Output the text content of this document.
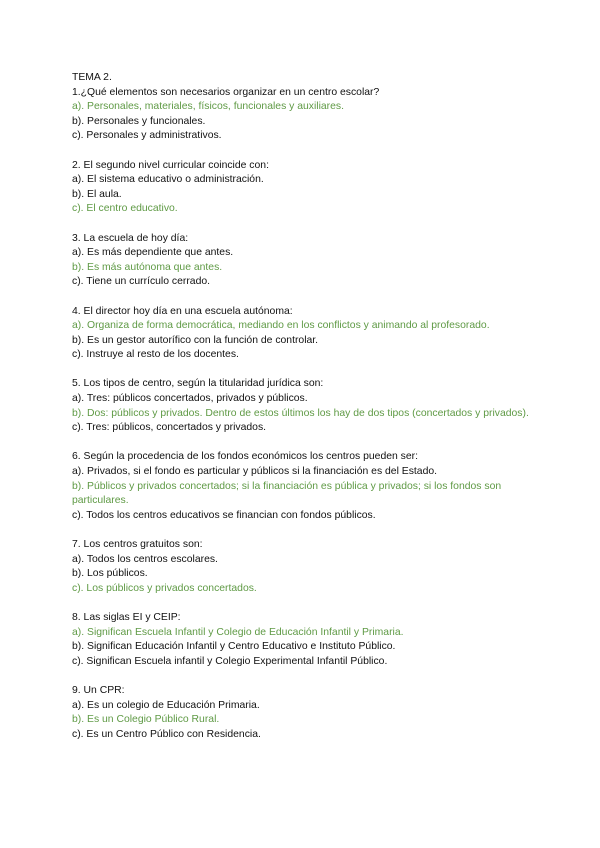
TEMA 2.
1.¿Qué elementos son necesarios organizar en un centro escolar?
a). Personales, materiales, físicos, funcionales y auxiliares.
b). Personales y funcionales.
c). Personales y administrativos.
2. El segundo nivel curricular coincide con:
a). El sistema educativo o administración.
b). El aula.
c). El centro educativo.
3. La escuela de hoy día:
a). Es más dependiente que antes.
b). Es más autónoma que antes.
c). Tiene un currículo cerrado.
4. El director hoy día en una escuela autónoma:
a). Organiza de forma democrática, mediando en los conflictos y animando al profesorado.
b). Es un gestor autorífico con la función de controlar.
c). Instruye al resto de los docentes.
5. Los tipos de centro, según la titularidad jurídica son:
a). Tres: públicos concertados, privados y públicos.
b). Dos: públicos y privados. Dentro de estos últimos los hay de dos tipos (concertados y privados).
c). Tres: públicos, concertados y privados.
6. Según la procedencia de los fondos económicos los centros pueden ser:
a). Privados, si el fondo es particular y públicos si la financiación es del Estado.
b). Públicos y privados concertados; si la financiación es pública y privados; si los fondos son particulares.
c). Todos los centros educativos se financian con fondos públicos.
7. Los centros gratuitos son:
a). Todos los centros escolares.
b). Los públicos.
c). Los públicos y privados concertados.
8. Las siglas EI y CEIP:
a). Significan Escuela Infantil y Colegio de Educación Infantil y Primaria.
b). Significan Educación Infantil y Centro Educativo e Instituto Público.
c). Significan Escuela infantil y Colegio Experimental Infantil Público.
9. Un CPR:
a). Es un colegio de Educación Primaria.
b). Es un Colegio Público Rural.
c). Es un Centro Público con Residencia.
